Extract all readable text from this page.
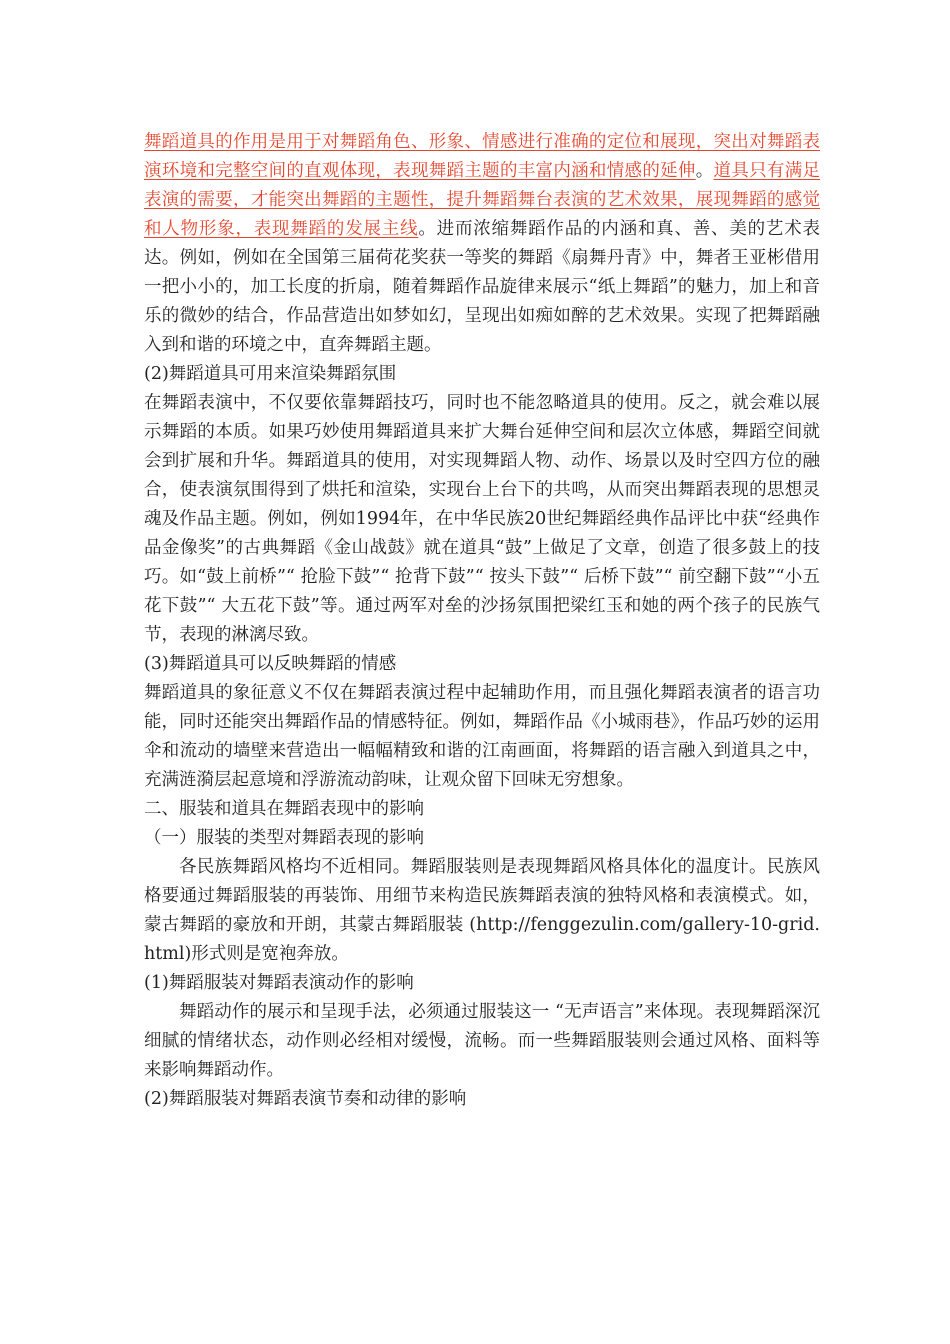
舞蹈道具的作用是用于对舞蹈角色、形象、情感进行准确的定位和展现，突出对舞蹈表演环境和完整空间的直观体现，表现舞蹈主题的丰富内涵和情感的延伸。道具只有满足表演的需要，才能突出舞蹈的主题性，提升舞蹈舞台表演的艺术效果，展现舞蹈的感觉和人物形象，表现舞蹈的发展主线。进而浓缩舞蹈作品的内涵和真、善、美的艺术表达。例如，例如在全国第三届荷花奖获一等奖的舞蹈《扇舞丹青》中，舞者王亚彬借用一把小小的，加工长度的折扇，随着舞蹈作品旋律来展示“纸上舞蹈”的魅力，加上和音乐的微妙的结合，作品营造出如梦如幻，呈现出如痴如醉的艺术效果。实现了把舞蹈融入到和谐的环境之中，直奔舞蹈主题。

(2)舞蹈道具可用来渲染舞蹈氛围

在舞蹈表演中，不仅要依靠舞蹈技巧，同时也不能忽略道具的使用。反之，就会难以展示舞蹈的本质。如果巧妙使用舞蹈道具来扩大舞台延伸空间和层次立体感，舞蹈空间就会到扩展和升华。舞蹈道具的使用，对实现舞蹈人物、动作、场景以及时空四方位的融合，使表演氛围得到了烘托和渲染，实现台上台下的共鸣，从而突出舞蹈表现的思想灵魂及作品主题。例如，例如1994年，在中华民族20世纪舞蹈经典作品评比中获“经典作品金像奖”的古典舞蹈《金山战鼓》就在道具“鼓”上做足了文章，创造了很多鼓上的技巧。如“鼓上前桥”“ 抢脸下鼓”“ 抢背下鼓”“ 按头下鼓”“ 后桥下鼓”“ 前空翻下鼓”“小五花下鼓”“ 大五花下鼓”等。通过两军对垒的沙扬氛围把梁红玉和她的两个孩子的民族气节，表现的淋漓尽致。

(3)舞蹈道具可以反映舞蹈的情感

舞蹈道具的象征意义不仅在舞蹈表演过程中起辅助作用，而且强化舞蹈表演者的语言功能，同时还能突出舞蹈作品的情感特征。例如，舞蹈作品《小城雨巷》，作品巧妙的运用伞和流动的墙壁来营造出一幅幅精致和谐的江南画面，将舞蹈的语言融入到道具之中，充满涟漪层起意境和浮游流动韵味，让观众留下回味无穷想象。

二、服装和道具在舞蹈表现中的影响

（一）服装的类型对舞蹈表现的影响

各民族舞蹈风格均不近相同。舞蹈服装则是表现舞蹈风格具体化的温度计。民族风格要通过舞蹈服装的再装饰、用细节来构造民族舞蹈表演的独特风格和表演模式。如，蒙古舞蹈的豪放和开朗，其蒙古舞蹈服装 (http://fenggezulin.com/gallery-10-grid.html)形式则是宽袍奔放。

(1)舞蹈服装对舞蹈表演动作的影响

舞蹈动作的展示和呈现手法，必须通过服装这一 “无声语言”来体现。表现舞蹈深沉细腻的情绪状态，动作则必经相对缓慢，流畅。而一些舞蹈服装则会通过风格、面料等来影响舞蹈动作。

(2)舞蹈服装对舞蹈表演节奏和动律的影响
